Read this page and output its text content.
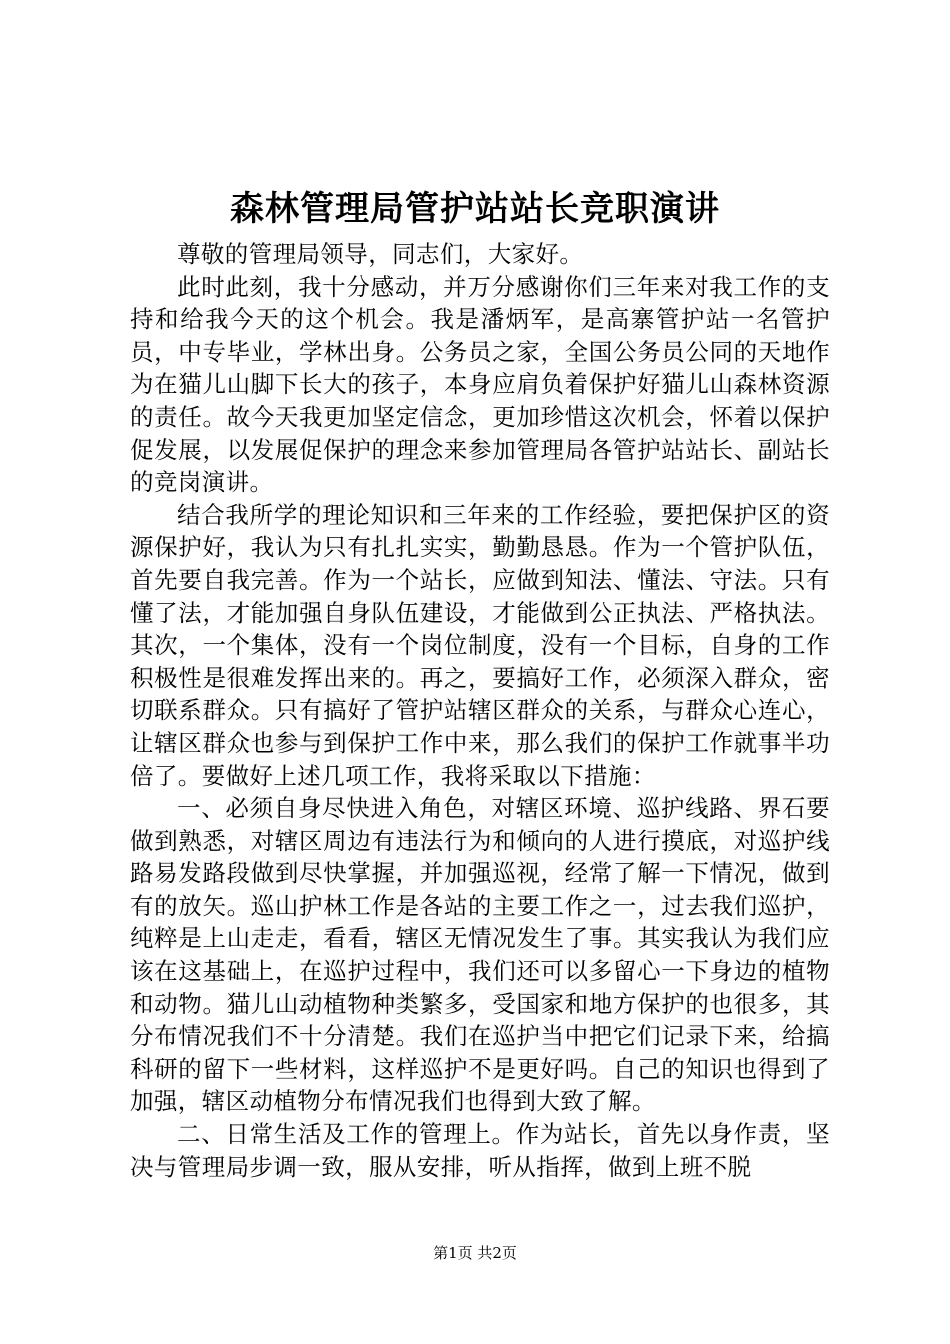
森林管理局管护站站长竞职演讲

尊敬的管理局领导，同志们，大家好。

此时此刻，我十分感动，并万分感谢你们三年来对我工作的支持和给我今天的这个机会。我是潘炳军，是高寨管护站一名管护员，中专毕业，学林出身。公务员之家，全国公务员公同的天地作为在猫儿山脚下长大的孩子，本身应肩负着保护好猫儿山森林资源的责任。故今天我更加坚定信念，更加珍惜这次机会，怀着以保护促发展，以发展促保护的理念来参加管理局各管护站站长、副站长的竞岗演讲。

结合我所学的理论知识和三年来的工作经验，要把保护区的资源保护好，我认为只有扎扎实实，勤勤恳恳。作为一个管护队伍，首先要自我完善。作为一个站长，应做到知法、懂法、守法。只有懂了法，才能加强自身队伍建设，才能做到公正执法、严格执法。其次，一个集体，没有一个岗位制度，没有一个目标，自身的工作积极性是很难发挥出来的。再之，要搞好工作，必须深入群众，密切联系群众。只有搞好了管护站辖区群众的关系，与群众心连心，让辖区群众也参与到保护工作中来，那么我们的保护工作就事半功倍了。要做好上述几项工作，我将采取以下措施：

一、必须自身尽快进入角色，对辖区环境、巡护线路、界石要做到熟悉，对辖区周边有违法行为和倾向的人进行摸底，对巡护线路易发路段做到尽快掌握，并加强巡视，经常了解一下情况，做到有的放矢。巡山护林工作是各站的主要工作之一，过去我们巡护，纯粹是上山走走，看看，辖区无情况发生了事。其实我认为我们应该在这基础上，在巡护过程中，我们还可以多留心一下身边的植物和动物。猫儿山动植物种类繁多，受国家和地方保护的也很多，其分布情况我们不十分清楚。我们在巡护当中把它们记录下来，给搞科研的留下一些材料，这样巡护不是更好吗。自己的知识也得到了加强，辖区动植物分布情况我们也得到大致了解。

二、日常生活及工作的管理上。作为站长，首先以身作责，坚决与管理局步调一致，服从安排，听从指挥，做到上班不脱

第1页 共2页
